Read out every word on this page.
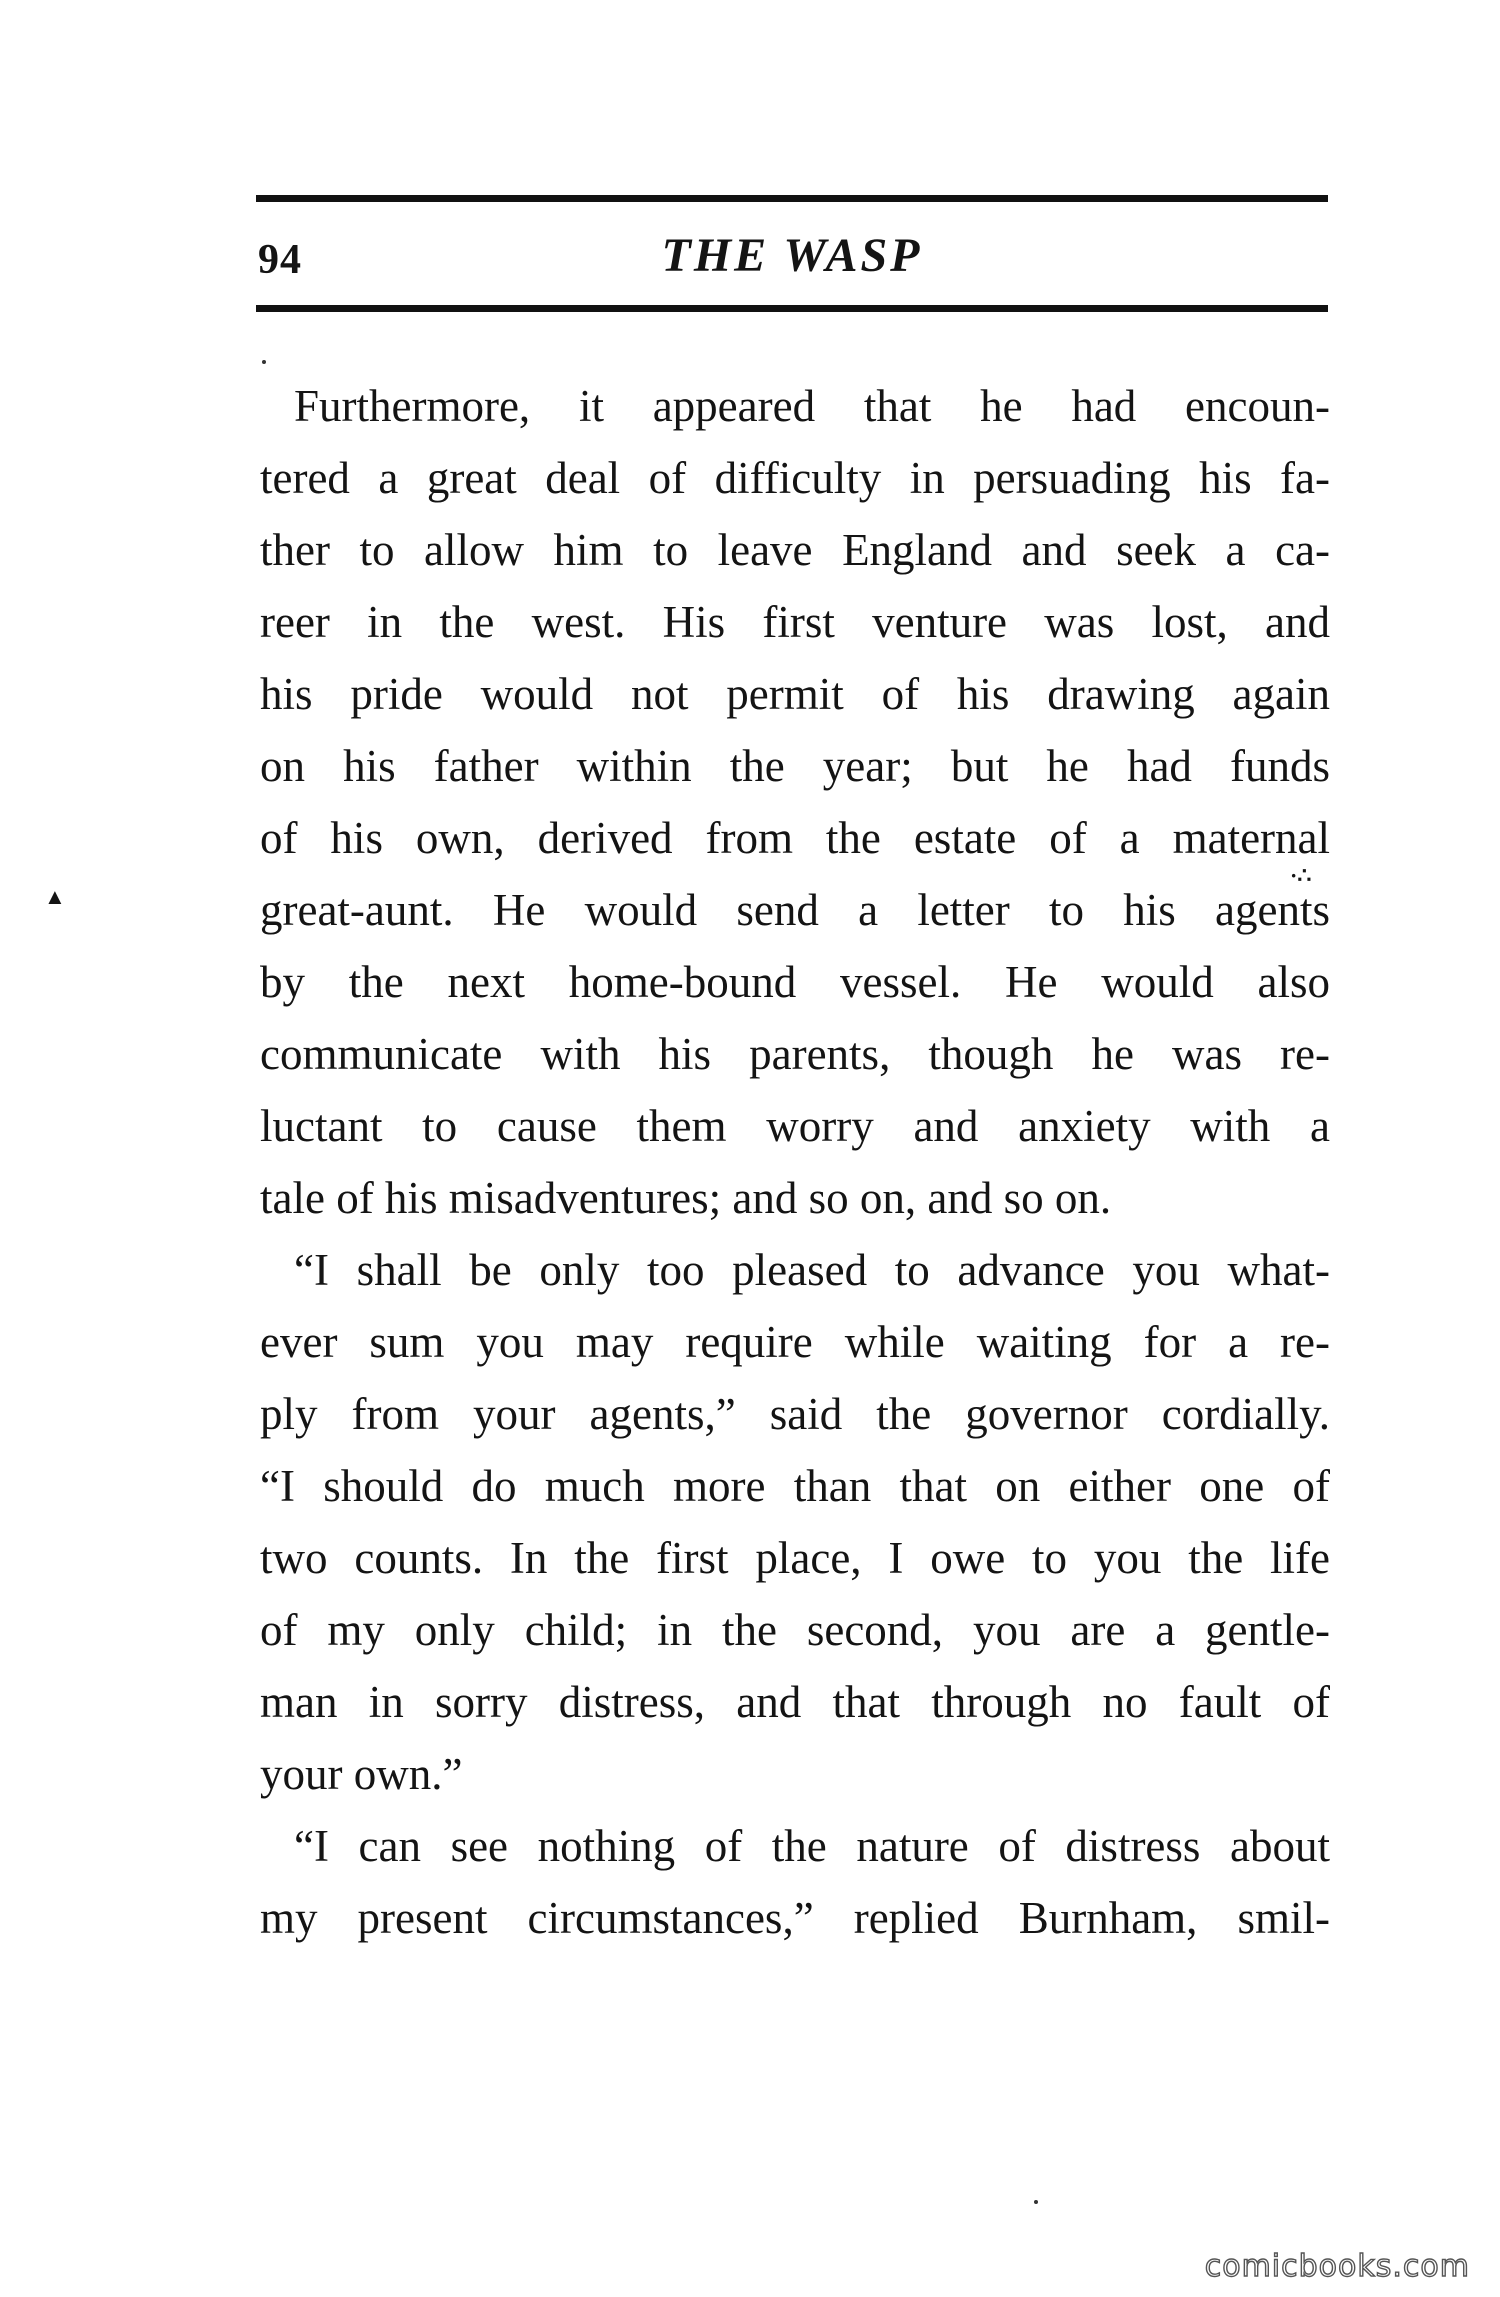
94	THE WASP
▲
·∴
Furthermore, it appeared that he had encoun-
tered a great deal of difficulty in persuading his fa-
ther to allow him to leave England and seek a ca-
reer in the west. His first venture was lost, and
his pride would not permit of his drawing again
on his father within the year; but he had funds
of his own, derived from the estate of a maternal
great-aunt. He would send a letter to his agents
by the next home-bound vessel. He would also
communicate with his parents, though he was re-
luctant to cause them worry and anxiety with a
tale of his misadventures; and so on, and so on.
“I shall be only too pleased to advance you what-
ever sum you may require while waiting for a re-
ply from your agents,” said the governor cordially.
“I should do much more than that on either one of
two counts. In the first place, I owe to you the life
of my only child; in the second, you are a gentle-
man in sorry distress, and that through no fault of
your own.”
“I can see nothing of the nature of distress about
my present circumstances,” replied Burnham, smil-
comicbooks.com
